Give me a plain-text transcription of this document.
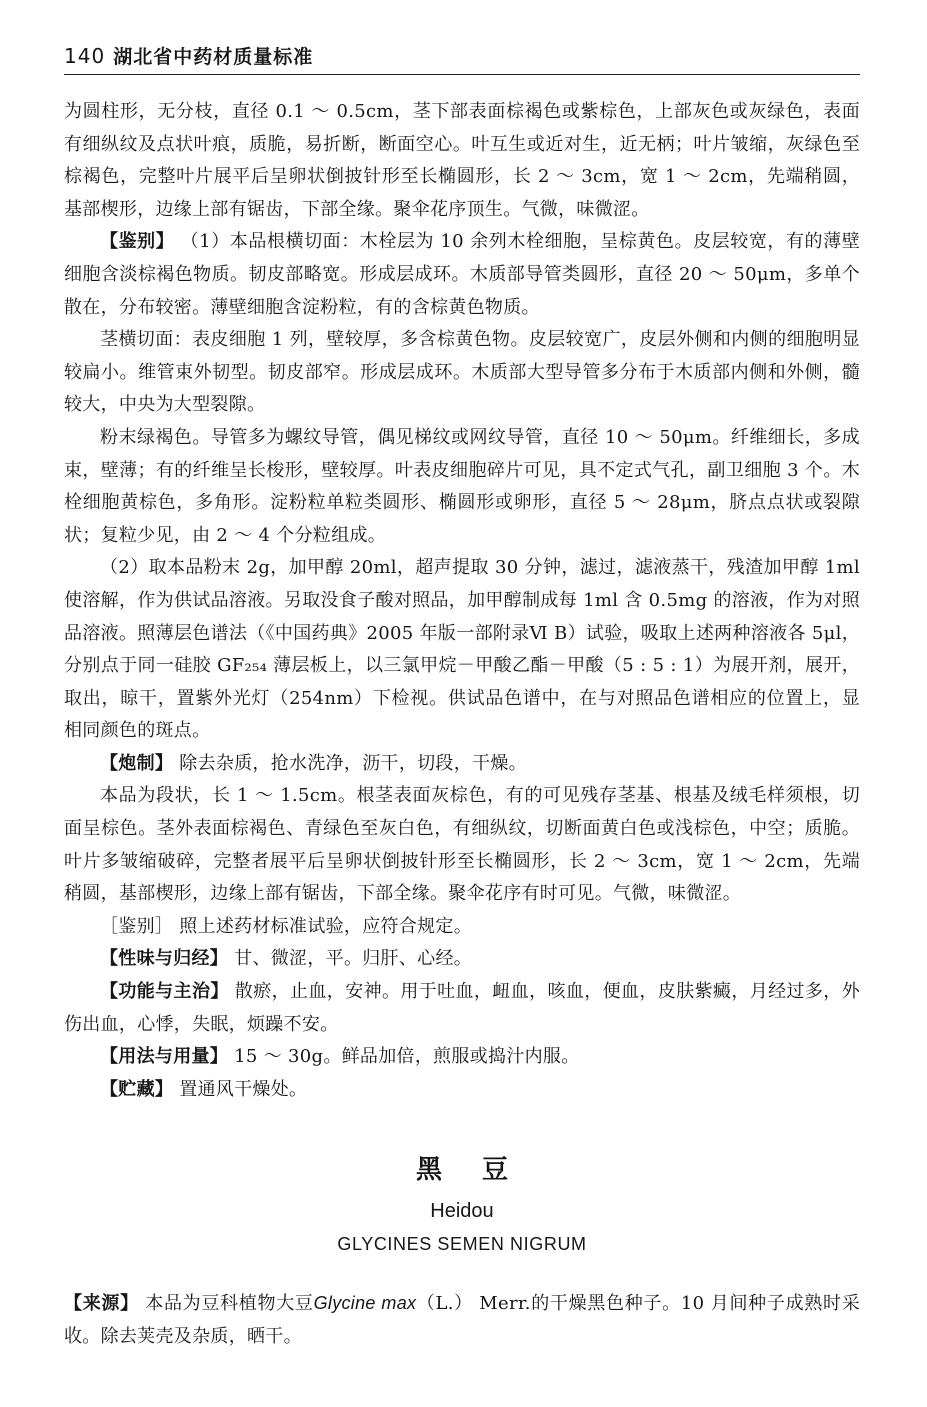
140 湖北省中药材质量标准

为圆柱形，无分枝，直径 0.1 ～ 0.5cm，茎下部表面棕褐色或紫棕色，上部灰色或灰绿色，表面有细纵纹及点状叶痕，质脆，易折断，断面空心。叶互生或近对生，近无柄；叶片皱缩，灰绿色至棕褐色，完整叶片展平后呈卵状倒披针形至长椭圆形，长 2 ～ 3cm，宽 1 ～ 2cm，先端稍圆，基部楔形，边缘上部有锯齿，下部全缘。聚伞花序顶生。气微，味微涩。

【鉴别】 （1）本品根横切面：木栓层为 10 余列木栓细胞，呈棕黄色。皮层较宽，有的薄壁细胞含淡棕褐色物质。韧皮部略宽。形成层成环。木质部导管类圆形，直径 20 ～ 50μm，多单个散在，分布较密。薄壁细胞含淀粉粒，有的含棕黄色物质。

茎横切面：表皮细胞 1 列，壁较厚，多含棕黄色物。皮层较宽广，皮层外侧和内侧的细胞明显较扁小。维管束外韧型。韧皮部窄。形成层成环。木质部大型导管多分布于木质部内侧和外侧，髓较大，中央为大型裂隙。

粉末绿褐色。导管多为螺纹导管，偶见梯纹或网纹导管，直径 10 ～ 50μm。纤维细长，多成束，壁薄；有的纤维呈长梭形，壁较厚。叶表皮细胞碎片可见，具不定式气孔，副卫细胞 3 个。木栓细胞黄棕色，多角形。淀粉粒单粒类圆形、椭圆形或卵形，直径 5 ～ 28μm，脐点点状或裂隙状；复粒少见，由 2 ～ 4 个分粒组成。

（2）取本品粉末 2g，加甲醇 20ml，超声提取 30 分钟，滤过，滤液蒸干，残渣加甲醇 1ml 使溶解，作为供试品溶液。另取没食子酸对照品，加甲醇制成每 1ml 含 0.5mg 的溶液，作为对照品溶液。照薄层色谱法（《中国药典》2005 年版一部附录Ⅵ B）试验，吸取上述两种溶液各 5μl，分别点于同一硅胶 GF₂₅₄ 薄层板上，以三氯甲烷－甲酸乙酯－甲酸（5 : 5 : 1）为展开剂，展开，取出，晾干，置紫外光灯（254nm）下检视。供试品色谱中，在与对照品色谱相应的位置上，显相同颜色的斑点。

【炮制】 除去杂质，抢水洗净，沥干，切段，干燥。

本品为段状，长 1 ～ 1.5cm。根茎表面灰棕色，有的可见残存茎基、根基及绒毛样须根，切面呈棕色。茎外表面棕褐色、青绿色至灰白色，有细纵纹，切断面黄白色或浅棕色，中空；质脆。叶片多皱缩破碎，完整者展平后呈卵状倒披针形至长椭圆形，长 2 ～ 3cm，宽 1 ～ 2cm，先端稍圆，基部楔形，边缘上部有锯齿，下部全缘。聚伞花序有时可见。气微，味微涩。

［鉴别］ 照上述药材标准试验，应符合规定。

【性味与归经】 甘、微涩，平。归肝、心经。

【功能与主治】 散瘀，止血，安神。用于吐血，衄血，咳血，便血，皮肤紫癜，月经过多，外伤出血，心悸，失眠，烦躁不安。

【用法与用量】 15 ～ 30g。鲜品加倍，煎服或捣汁内服。

【贮藏】 置通风干燥处。

黑豆
Heidou
GLYCINES SEMEN NIGRUM

【来源】 本品为豆科植物大豆Glycine max（L.） Merr.的干燥黑色种子。10 月间种子成熟时采收。除去荚壳及杂质，晒干。
